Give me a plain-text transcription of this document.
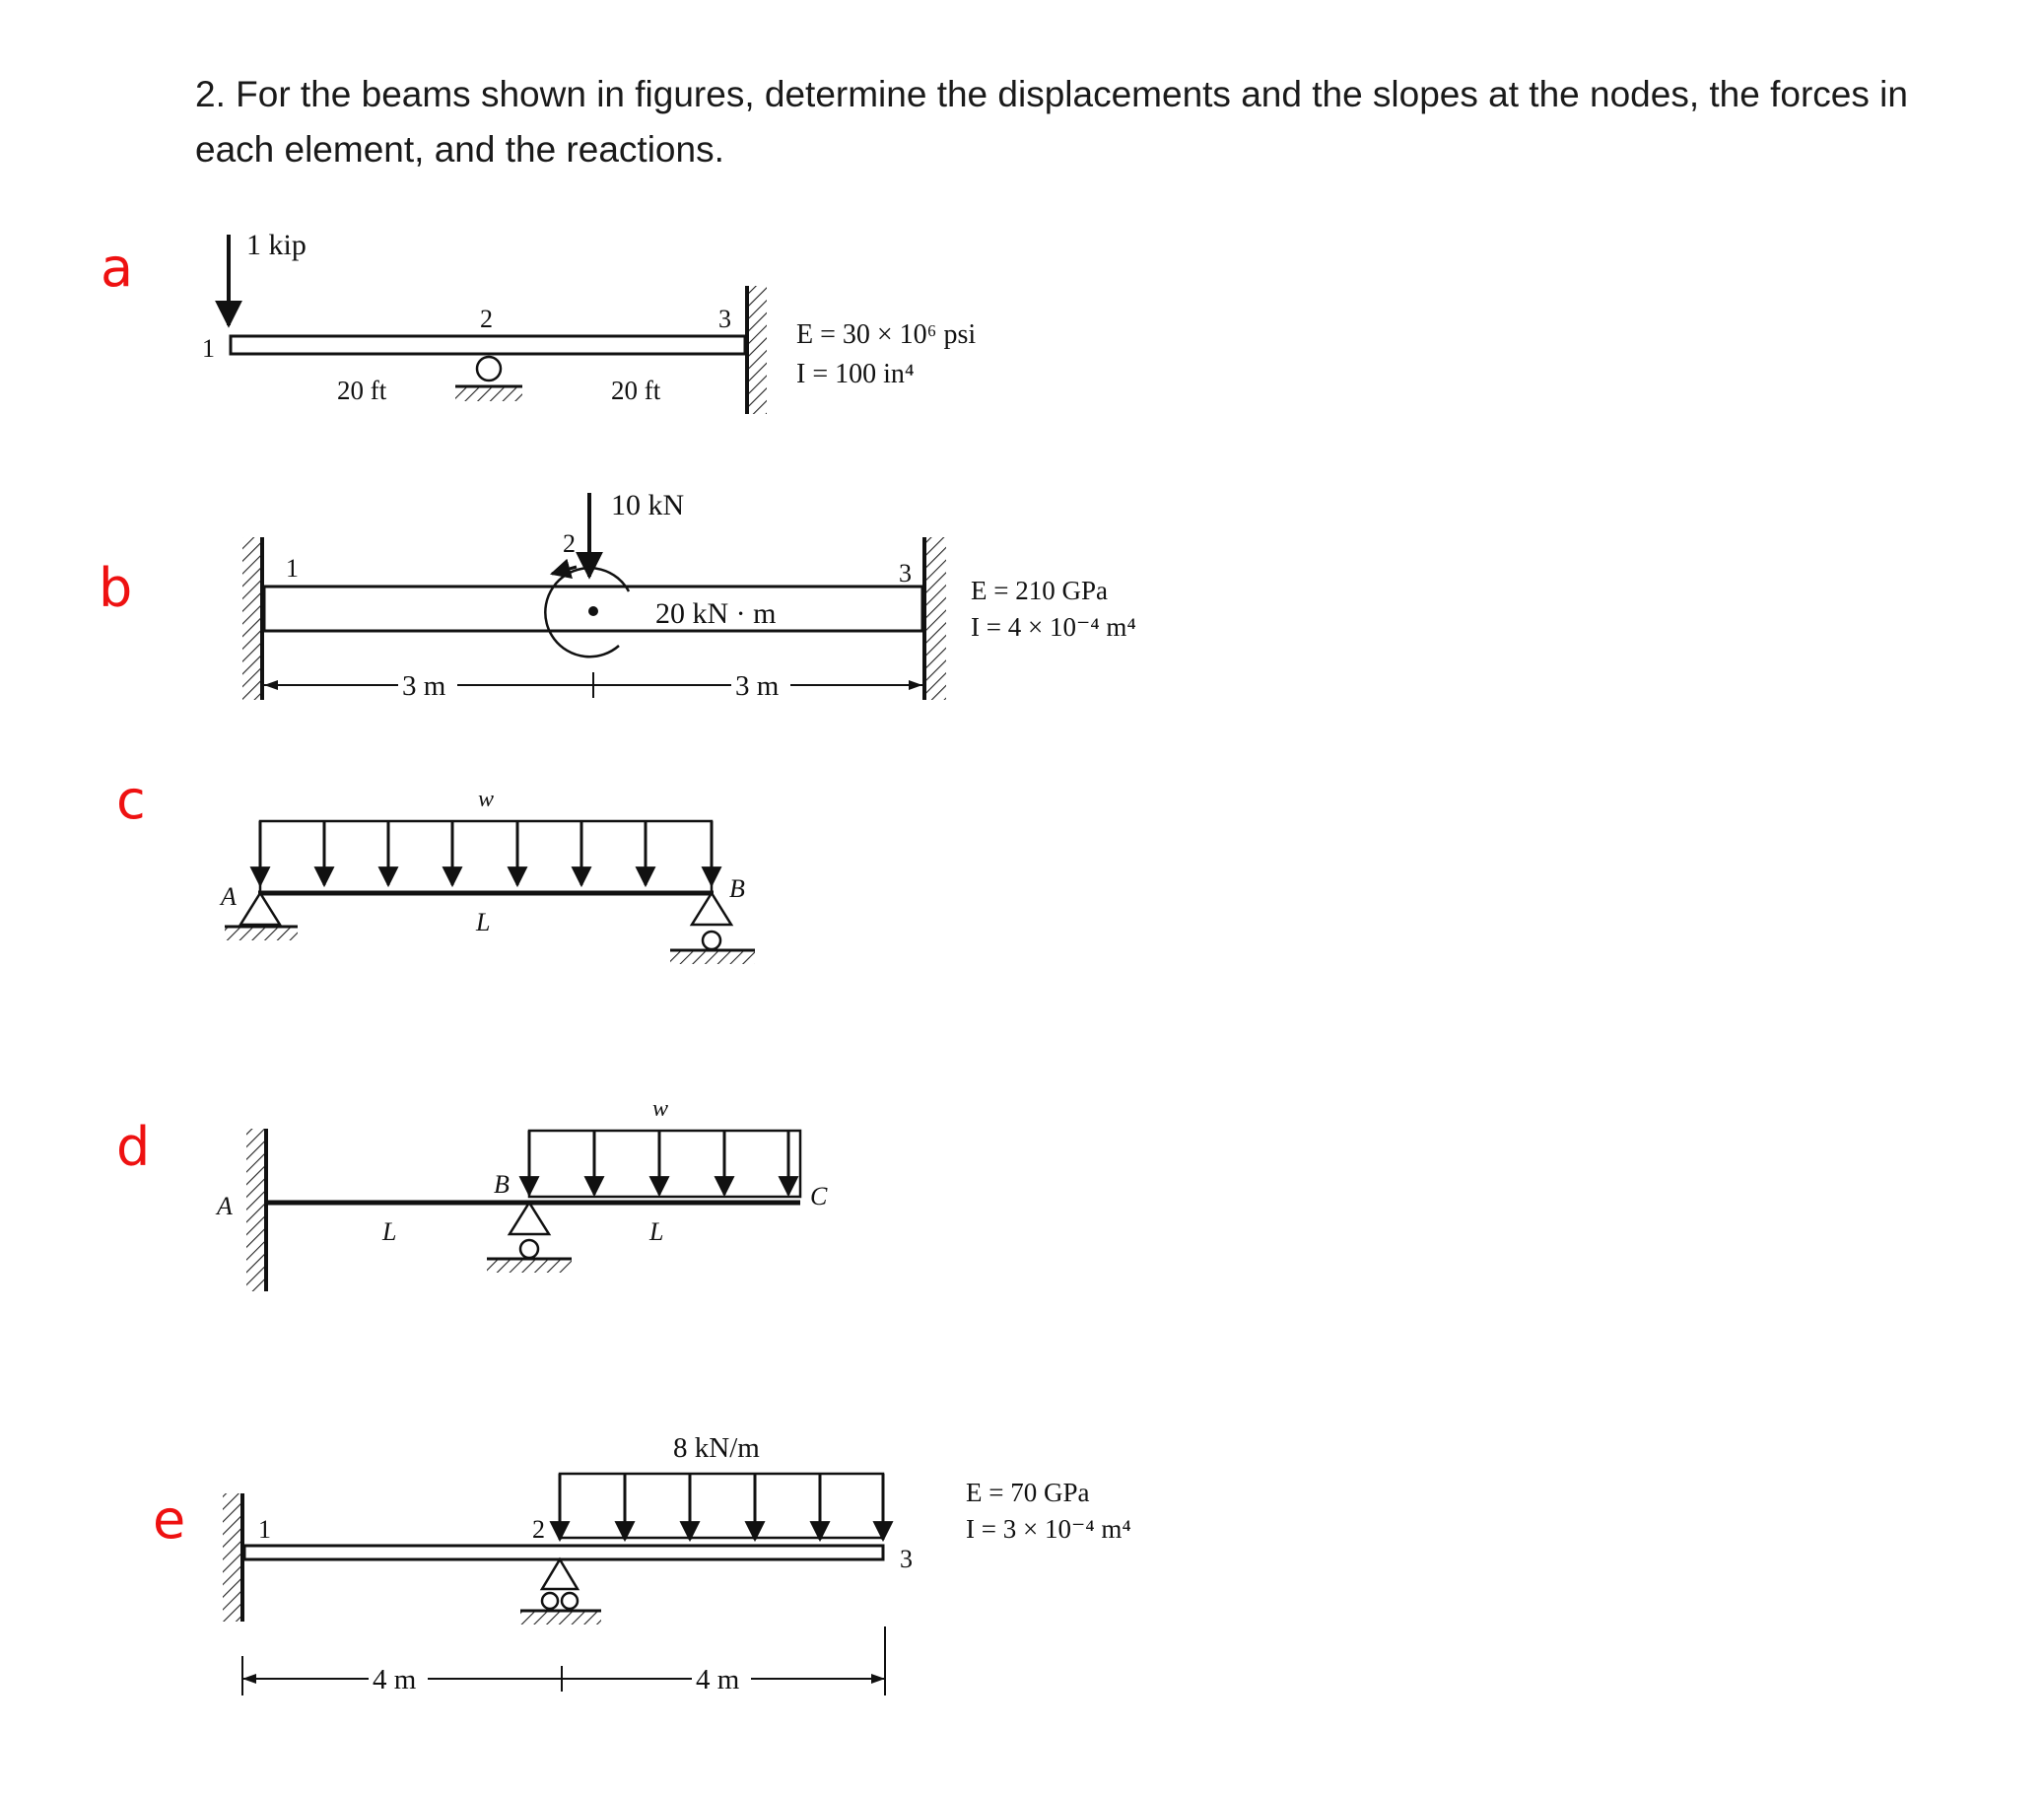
2. For the beams shown in figures, determine the displacements and the slopes at the nodes, the forces in each element, and the reactions.
a	1 kip
1
2	3
20 ft	20 ft
E = 30 × 10⁶ psi
I = 100 in⁴
b
10 kN
20 kN · m
1
2
3
3 m	3 m
E = 210 GPa
I = 4 × 10⁻⁴ m⁴
c	w
A	B
L
d
A
w
B	C
L	L
e	1	2
3
8 kN/m
4 m	4 m
E = 70 GPa
I = 3 × 10⁻⁴ m⁴
